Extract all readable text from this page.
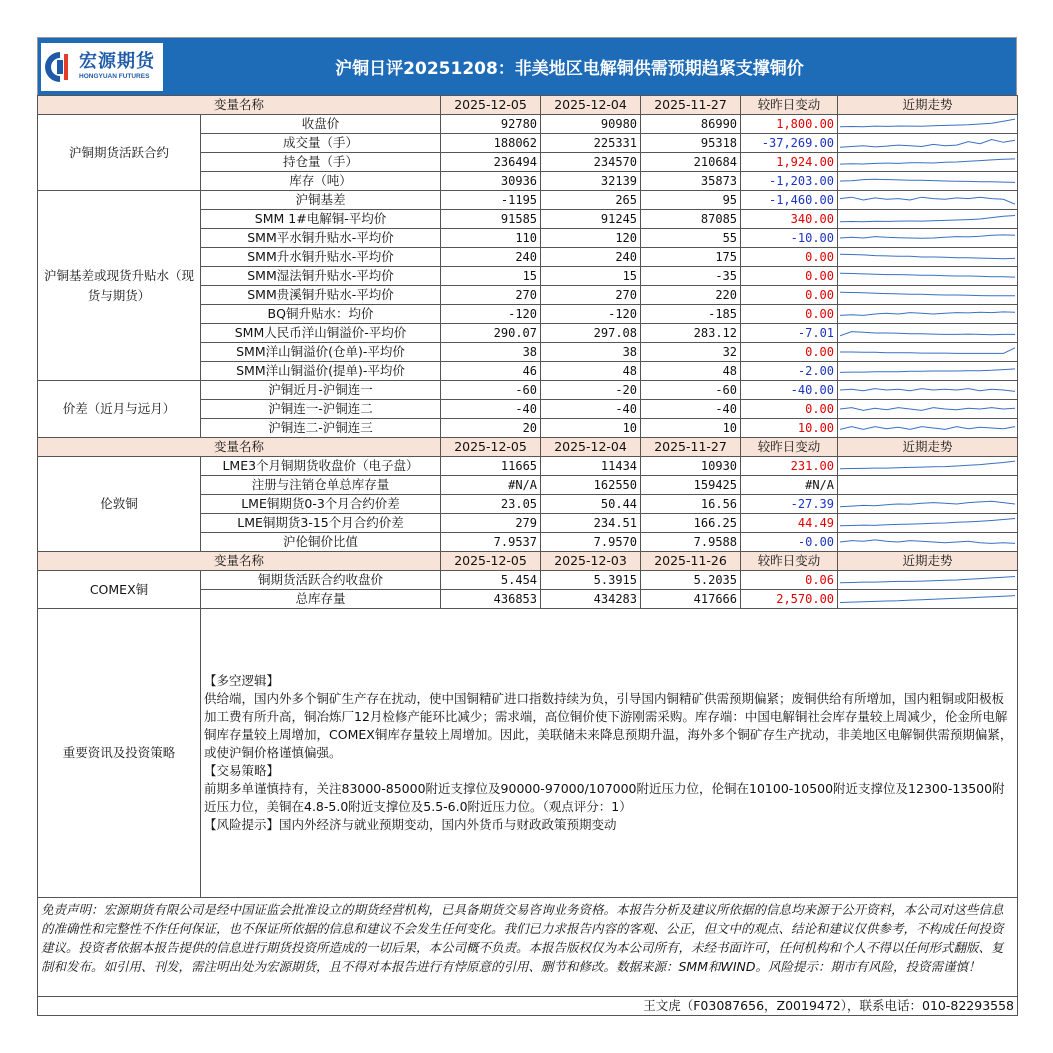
宏源期货
HONGYUAN FUTURES	沪铜日评20251208：非美地区电解铜供需预期趋紧支撑铜价
变量名称		2025-12-05	2025-12-04	2025-11-27	较昨日变动	近期走势
沪铜期货活跃合约	收盘价	92780	90980	86990	1,800.00	

	成交量（手）	188062	225331	95318	-37,269.00	

	持仓量（手）	236494	234570	210684	1,924.00	

	库存（吨）	30936	32139	35873	-1,203.00	

沪铜基差或现货升贴水（现货与期货）	沪铜基差	-1195	265	95	-1,460.00	

	SMM 1#电解铜-平均价	91585	91245	87085	340.00	

	SMM平水铜升贴水-平均价	110	120	55	-10.00	

	SMM升水铜升贴水-平均价	240	240	175	0.00	

	SMM湿法铜升贴水-平均价	15	15	-35	0.00	

	SMM贵溪铜升贴水-平均价	270	270	220	0.00	

	BQ铜升贴水：均价	-120	-120	-185	0.00	

	SMM人民币洋山铜溢价-平均价	290.07	297.08	283.12	-7.01	

	SMM洋山铜溢价(仓单)-平均价	38	38	32	0.00	

	SMM洋山铜溢价(提单)-平均价	46	48	48	-2.00	

价差（近月与远月）	沪铜近月-沪铜连一	-60	-20	-60	-40.00	

	沪铜连一-沪铜连二	-40	-40	-40	0.00	

	沪铜连二-沪铜连三	20	10	10	10.00	

变量名称		2025-12-05	2025-12-04	2025-11-27	较昨日变动	近期走势
伦敦铜	LME3个月铜期货收盘价（电子盘）	11665	11434	10930	231.00	

	注册与注销仓单总库存量	#N/A	162550	159425	#N/A	
	LME铜期货0-3个月合约价差	23.05	50.44	16.56	-27.39	

	LME铜期货3-15个月合约价差	279	234.51	166.25	44.49	

	沪伦铜价比值	7.9537	7.9570	7.9588	-0.00	

变量名称		2025-12-05	2025-12-03	2025-11-26	较昨日变动	近期走势
COMEX铜	铜期货活跃合约收盘价	5.454	5.3915	5.2035	0.06	

	总库存量	436853	434283	417666	2,570.00	

重要资讯及投资策略	【多空逻辑】

供给端，国内外多个铜矿生产存在扰动，使中国铜精矿进口指数持续为负，引导国内铜精矿供需预期偏紧；废铜供给有所增加，国内粗铜或阳极板加工费有所升高，铜冶炼厂12月检修产能环比减少；需求端，高位铜价使下游刚需采购。库存端：中国电解铜社会库存量较上周减少，伦金所电解铜库存量较上周增加，COMEX铜库存量较上周增加。因此，美联储未来降息预期升温，海外多个铜矿存生产扰动，非美地区电解铜供需预期偏紧，或使沪铜价格谨慎偏强。

【交易策略】

前期多单谨慎持有，关注83000-85000附近支撑位及90000-97000/107000附近压力位，伦铜在10100-10500附近支撑位及12300-13500附近压力位，美铜在4.8-5.0附近支撑位及5.5-6.0附近压力位。（观点评分：1）

【风险提示】国内外经济与就业预期变动，国内外货币与财政政策预期变动					

免责声明：宏源期货有限公司是经中国证监会批准设立的期货经营机构，已具备期货交易咨询业务资格。本报告分析及建议所依据的信息均来源于公开资料，本公司对这些信息的准确性和完整性不作任何保证，也不保证所依据的信息和建议不会发生任何变化。我们已力求报告内容的客观、公正，但文中的观点、结论和建议仅供参考，不构成任何投资建议。投资者依据本报告提供的信息进行期货投资所造成的一切后果，本公司概不负责。本报告版权仅为本公司所有，未经书面许可，任何机构和个人不得以任何形式翻版、复制和发布。如引用、刊发，需注明出处为宏源期货，且不得对本报告进行有悖原意的引用、删节和修改。数据来源：SMM和WIND。风险提示：期市有风险，投资需谨慎！						
王文虎（F03087656，Z0019472），联系电话：010-82293558						
